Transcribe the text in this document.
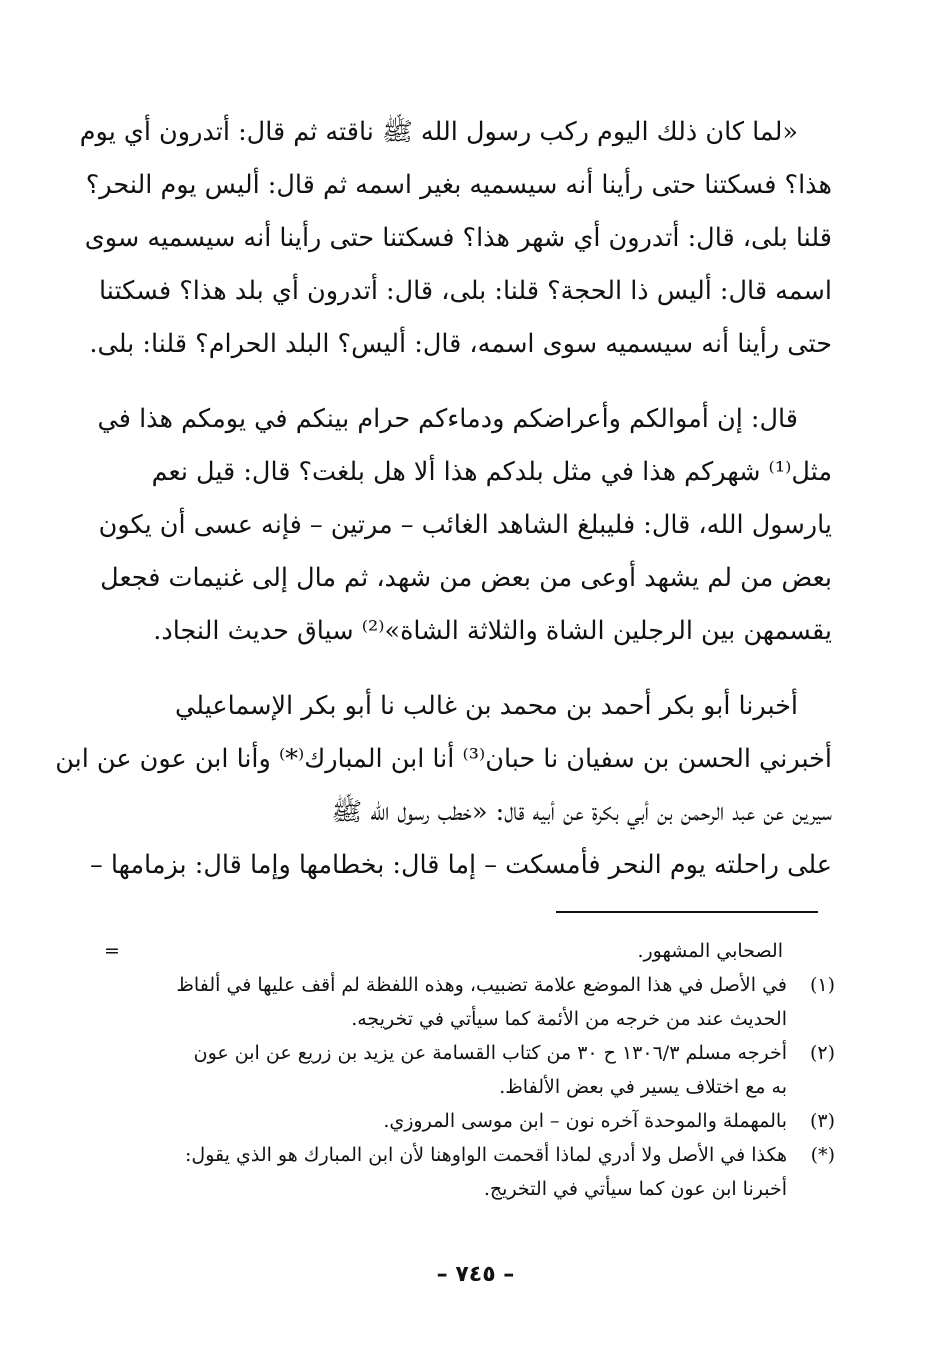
«لما كان ذلك اليوم ركب رسول الله ﷺ ناقته ثم قال: أتدرون أي يوم
هذا؟ فسكتنا حتى رأينا أنه سيسميه بغير اسمه ثم قال: أليس يوم النحر؟
قلنا بلى، قال: أتدرون أي شهر هذا؟ فسكتنا حتى رأينا أنه سيسميه سوى
اسمه قال: أليس ذا الحجة؟ قلنا: بلى، قال: أتدرون أي بلد هذا؟ فسكتنا
حتى رأينا أنه سيسميه سوى اسمه، قال: أليس؟ البلد الحرام؟ قلنا: بلى.

قال: إن أموالكم وأعراضكم ودماءكم حرام بينكم في يومكم هذا في
مثل⁽¹⁾ شهركم هذا في مثل بلدكم هذا ألا هل بلغت؟ قال: قيل نعم
يارسول الله، قال: فليبلغ الشاهد الغائب – مرتين – فإنه عسى أن يكون
بعض من لم يشهد أوعى من بعض من شهد، ثم مال إلى غنيمات فجعل
يقسمهن بين الرجلين الشاة والثلاثة الشاة»⁽²⁾ سياق حديث النجاد.

أخبرنا أبو بكر أحمد بن محمد بن غالب نا أبو بكر الإسماعيلي
أخبرني الحسن بن سفيان نا حبان⁽³⁾ أنا ابن المبارك⁽*⁾ وأنا ابن عون عن ابن
سيرين عن عبد الرحمن بن أبي بكرة عن أبيه قال: «خطب رسول الله ﷺ
على راحلته يوم النحر فأمسكت – إما قال: بخطامها وإما قال: بزمامها –

=	الصحابي المشهور.
(١)
في الأصل في هذا الموضع علامة تضبيب، وهذه اللفظة لم أقف عليها في ألفاظ
الحديث عند من خرجه من الأئمة كما سيأتي في تخريجه.
(٢)
أخرجه مسلم ١٣٠٦/٣ ح ٣٠ من كتاب القسامة عن يزيد بن زريع عن ابن عون
به مع اختلاف يسير في بعض الألفاظ.
(٣)
بالمهملة والموحدة آخره نون – ابن موسى المروزي.
(*)
هكذا في الأصل ولا أدري لماذا أقحمت الواوهنا لأن ابن المبارك هو الذي يقول:
أخبرنا ابن عون كما سيأتي في التخريج.
– ٧٤٥ –
